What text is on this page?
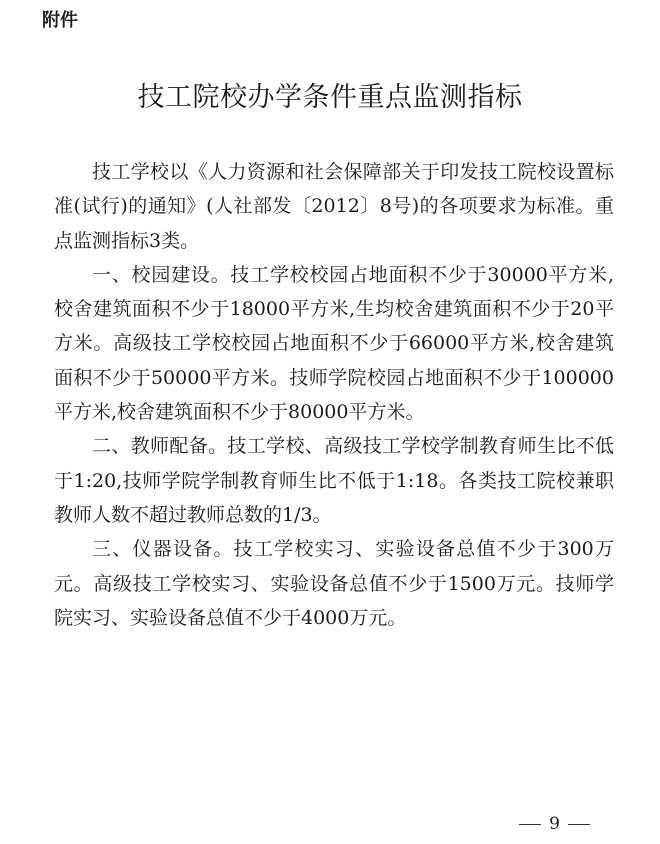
附件
技工院校办学条件重点监测指标

技工学校以《人力资源和社会保障部关于印发技工院校设置标准(试行)的通知》(人社部发〔2012〕8号)的各项要求为标准。重点监测指标3类。

一、校园建设。技工学校校园占地面积不少于30000平方米,校舍建筑面积不少于18000平方米,生均校舍建筑面积不少于20平方米。高级技工学校校园占地面积不少于66000平方米,校舍建筑面积不少于50000平方米。技师学院校园占地面积不少于100000平方米,校舍建筑面积不少于80000平方米。

二、教师配备。技工学校、高级技工学校学制教育师生比不低于1:20,技师学院学制教育师生比不低于1:18。各类技工院校兼职教师人数不超过教师总数的1/3。

三、仪器设备。技工学校实习、实验设备总值不少于300万元。高级技工学校实习、实验设备总值不少于1500万元。技师学院实习、实验设备总值不少于4000万元。

9
